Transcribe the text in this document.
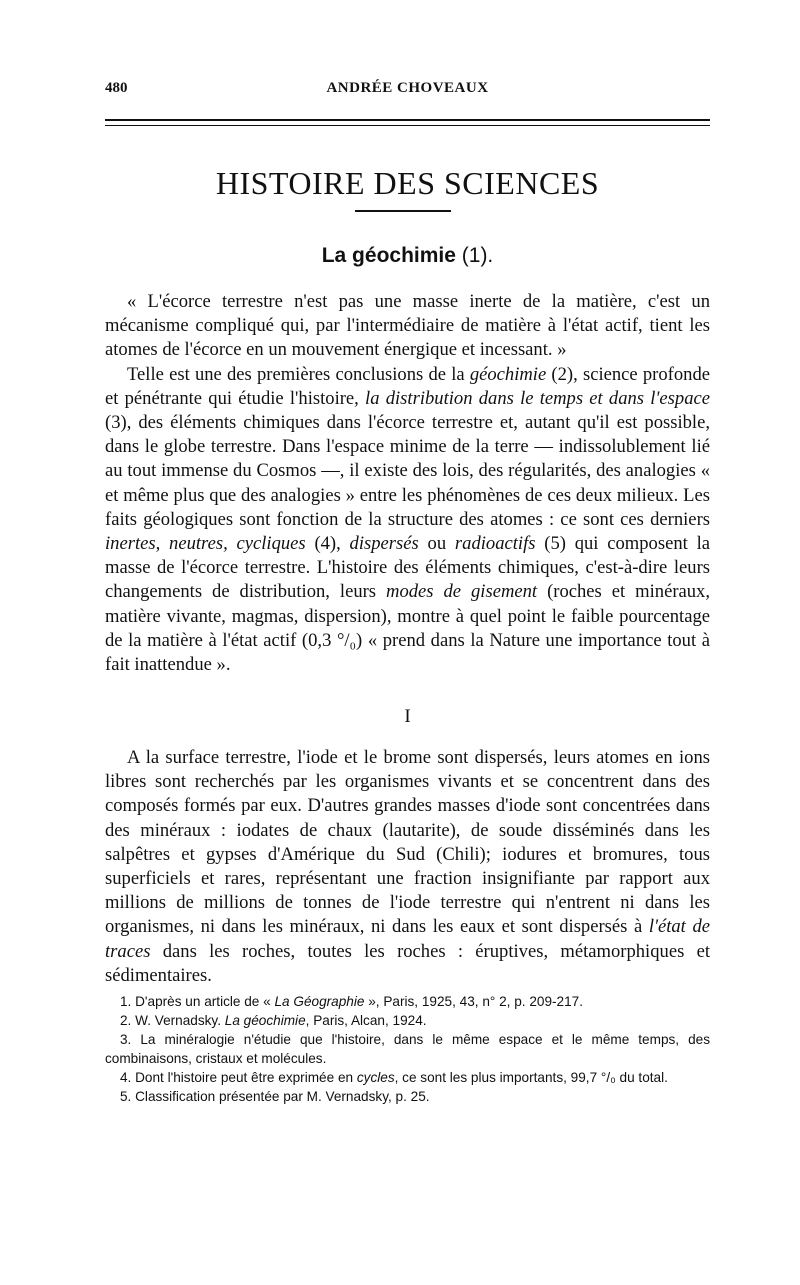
480	ANDRÉE CHOVEAUX
HISTOIRE DES SCIENCES
La géochimie (1).

« L'écorce terrestre n'est pas une masse inerte de la matière, c'est un mécanisme compliqué qui, par l'intermédiaire de matière à l'état actif, tient les atomes de l'écorce en un mouvement énergique et incessant. »

Telle est une des premières conclusions de la géochimie (2), science profonde et pénétrante qui étudie l'histoire, la distribution dans le temps et dans l'espace (3), des éléments chimiques dans l'écorce terrestre et, autant qu'il est possible, dans le globe terrestre. Dans l'espace minime de la terre — indissolublement lié au tout immense du Cosmos —, il existe des lois, des régularités, des analogies « et même plus que des analogies » entre les phénomènes de ces deux milieux. Les faits géologiques sont fonction de la structure des atomes : ce sont ces derniers inertes, neutres, cycliques (4), dispersés ou radioactifs (5) qui composent la masse de l'écorce terrestre. L'histoire des éléments chimiques, c'est-à-dire leurs changements de distribution, leurs modes de gisement (roches et minéraux, matière vivante, magmas, dispersion), montre à quel point le faible pourcentage de la matière à l'état actif (0,3 °/₀) « prend dans la Nature une importance tout à fait inattendue ».

I

A la surface terrestre, l'iode et le brome sont dispersés, leurs atomes en ions libres sont recherchés par les organismes vivants et se concentrent dans des composés formés par eux. D'autres grandes masses d'iode sont concentrées dans des minéraux : iodates de chaux (lautarite), de soude disséminés dans les salpêtres et gypses d'Amérique du Sud (Chili); iodures et bromures, tous superficiels et rares, représentant une fraction insignifiante par rapport aux millions de millions de tonnes de l'iode terrestre qui n'entrent ni dans les organismes, ni dans les minéraux, ni dans les eaux et sont dispersés à l'état de traces dans les roches, toutes les roches : éruptives, métamorphiques et sédimentaires.

1. D'après un article de « La Géographie », Paris, 1925, 43, n° 2, p. 209-217.

2. W. Vernadsky. La géochimie, Paris, Alcan, 1924.

3. La minéralogie n'étudie que l'histoire, dans le même espace et le même temps, des combinaisons, cristaux et molécules.

4. Dont l'histoire peut être exprimée en cycles, ce sont les plus importants, 99,7 °/₀ du total.

5. Classification présentée par M. Vernadsky, p. 25.
